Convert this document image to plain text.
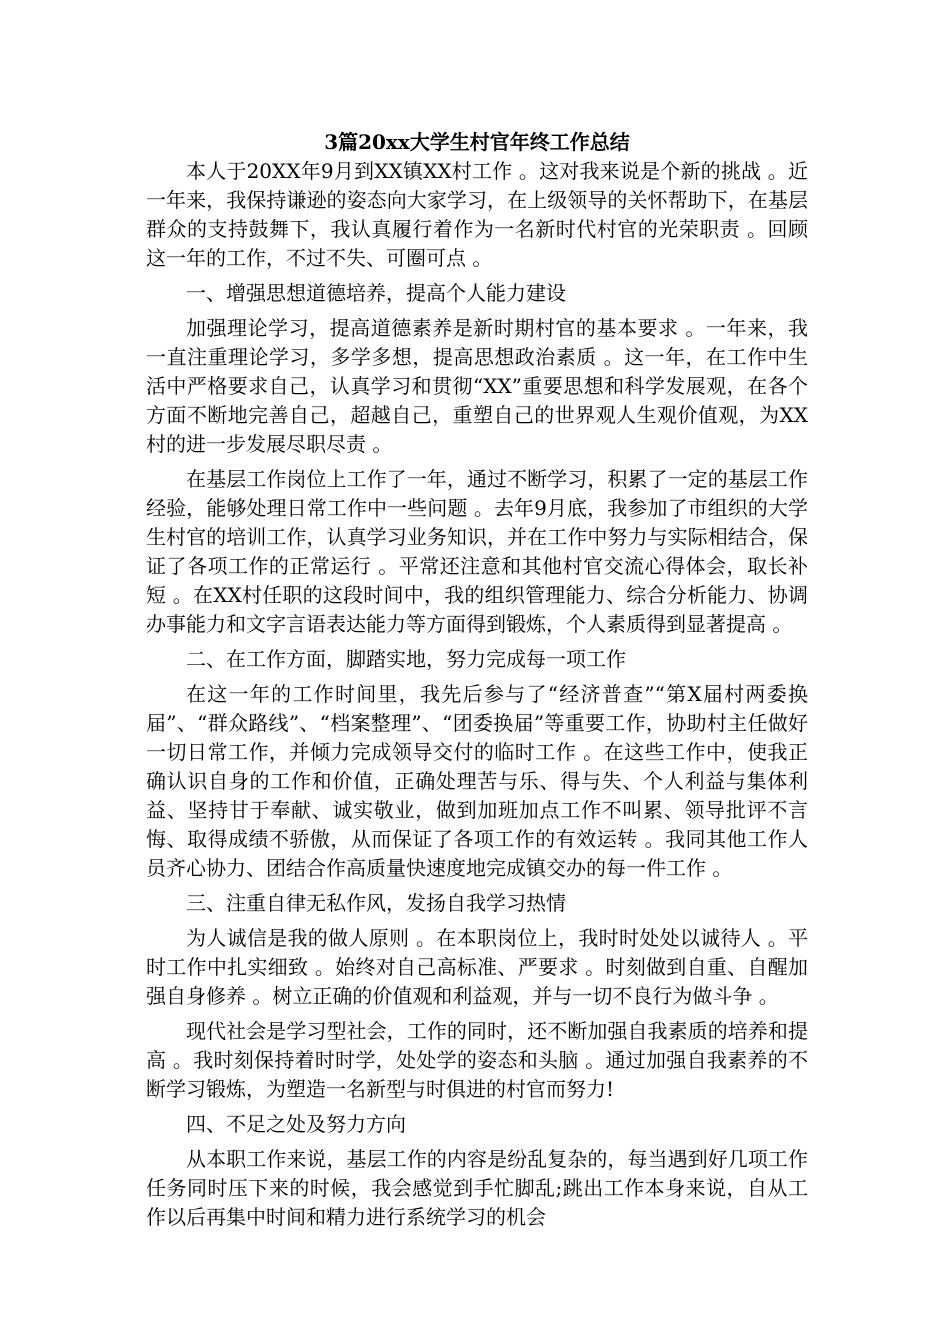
3篇20xx大学生村官年终工作总结

本人于20XX年9月到XX镇XX村工作 。这对我来说是个新的挑战 。近一年来，我保持谦逊的姿态向大家学习，在上级领导的关怀帮助下，在基层群众的支持鼓舞下，我认真履行着作为一名新时代村官的光荣职责 。回顾这一年的工作，不过不失、可圈可点 。

一、增强思想道德培养，提高个人能力建设

加强理论学习，提高道德素养是新时期村官的基本要求 。一年来，我一直注重理论学习，多学多想，提高思想政治素质 。这一年，在工作中生活中严格要求自己，认真学习和贯彻“XX”重要思想和科学发展观，在各个方面不断地完善自己，超越自己，重塑自己的世界观人生观价值观，为XX村的进一步发展尽职尽责 。

在基层工作岗位上工作了一年，通过不断学习，积累了一定的基层工作经验，能够处理日常工作中一些问题 。去年9月底，我参加了市组织的大学生村官的培训工作，认真学习业务知识，并在工作中努力与实际相结合，保证了各项工作的正常运行 。平常还注意和其他村官交流心得体会，取长补短 。在XX村任职的这段时间中，我的组织管理能力、综合分析能力、协调办事能力和文字言语表达能力等方面得到锻炼，个人素质得到显著提高 。

二、在工作方面，脚踏实地，努力完成每一项工作

在这一年的工作时间里，我先后参与了“经济普查”“第X届村两委换届”、“群众路线”、“档案整理”、“团委换届”等重要工作，协助村主任做好一切日常工作，并倾力完成领导交付的临时工作 。在这些工作中，使我正确认识自身的工作和价值，正确处理苦与乐、得与失、个人利益与集体利益、坚持甘于奉献、诚实敬业，做到加班加点工作不叫累、领导批评不言悔、取得成绩不骄傲，从而保证了各项工作的有效运转 。我同其他工作人员齐心协力、团结合作高质量快速度地完成镇交办的每一件工作 。

三、注重自律无私作风，发扬自我学习热情

为人诚信是我的做人原则 。在本职岗位上，我时时处处以诚待人 。平时工作中扎实细致 。始终对自己高标准、严要求 。时刻做到自重、自醒加强自身修养 。树立正确的价值观和利益观，并与一切不良行为做斗争 。

现代社会是学习型社会，工作的同时，还不断加强自我素质的培养和提高 。我时刻保持着时时学，处处学的姿态和头脑 。通过加强自我素养的不断学习锻炼，为塑造一名新型与时俱进的村官而努力!

四、不足之处及努力方向

从本职工作来说，基层工作的内容是纷乱复杂的，每当遇到好几项工作任务同时压下来的时候，我会感觉到手忙脚乱;跳出工作本身来说，自从工作以后再集中时间和精力进行系统学习的机会
